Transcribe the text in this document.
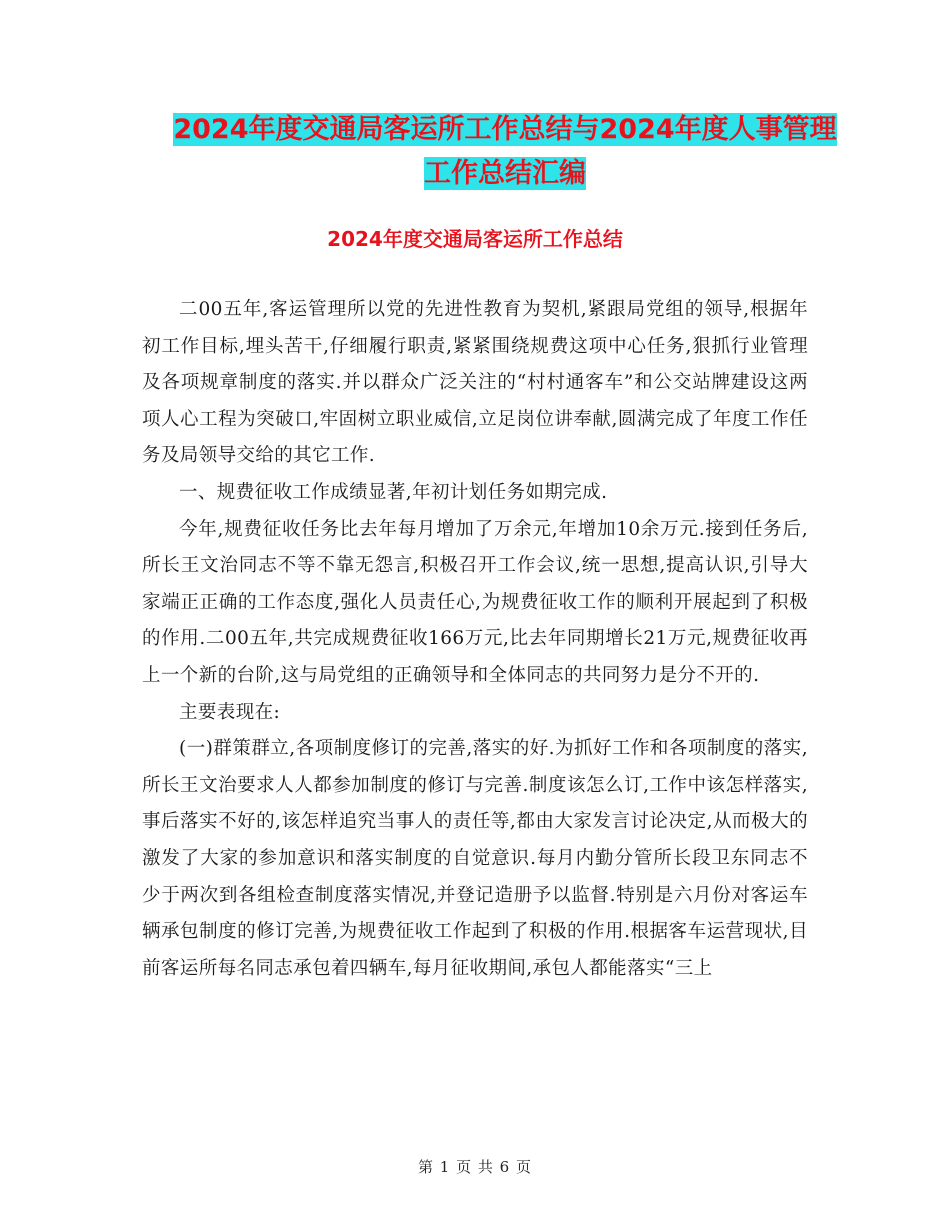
2024年度交通局客运所工作总结与2024年度人事管理
工作总结汇编
2024年度交通局客运所工作总结

二00五年,客运管理所以党的先进性教育为契机,紧跟局党组的领导,根据年初工作目标,埋头苦干,仔细履行职责,紧紧围绕规费这项中心任务,狠抓行业管理及各项规章制度的落实.并以群众广泛关注的“村村通客车”和公交站牌建设这两项人心工程为突破口,牢固树立职业威信,立足岗位讲奉献,圆满完成了年度工作任务及局领导交给的其它工作.

一、规费征收工作成绩显著,年初计划任务如期完成.

今年,规费征收任务比去年每月增加了万余元,年增加10余万元.接到任务后,所长王文治同志不等不靠无怨言,积极召开工作会议,统一思想,提高认识,引导大家端正正确的工作态度,强化人员责任心,为规费征收工作的顺利开展起到了积极的作用.二00五年,共完成规费征收166万元,比去年同期增长21万元,规费征收再上一个新的台阶,这与局党组的正确领导和全体同志的共同努力是分不开的.

主要表现在:

(一)群策群立,各项制度修订的完善,落实的好.为抓好工作和各项制度的落实,所长王文治要求人人都参加制度的修订与完善.制度该怎么订,工作中该怎样落实,事后落实不好的,该怎样追究当事人的责任等,都由大家发言讨论决定,从而极大的激发了大家的参加意识和落实制度的自觉意识.每月内勤分管所长段卫东同志不少于两次到各组检查制度落实情况,并登记造册予以监督.特别是六月份对客运车辆承包制度的修订完善,为规费征收工作起到了积极的作用.根据客车运营现状,目前客运所每名同志承包着四辆车,每月征收期间,承包人都能落实“三上

第 1 页 共 6 页
